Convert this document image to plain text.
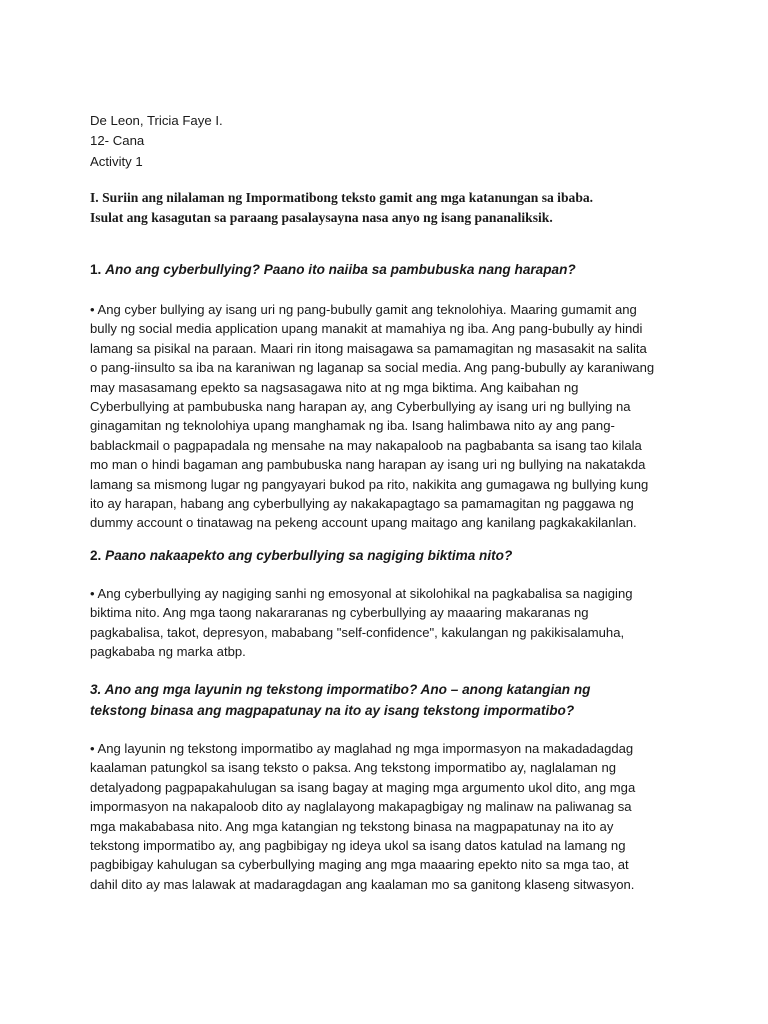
De Leon, Tricia Faye I.
12- Cana
Activity 1
I. Suriin ang nilalaman ng Impormatibong teksto gamit ang mga katanungan sa ibaba.
Isulat ang kasagutan sa paraang pasalaysayna nasa anyo ng isang pananaliksik.
1. Ano ang cyberbullying? Paano ito naiiba sa pambubuska nang harapan?
• Ang cyber bullying ay isang uri ng pang-bubully gamit ang teknolohiya. Maaring gumamit ang
bully ng social media application upang manakit at mamahiya ng iba. Ang pang-bubully ay hindi
lamang sa pisikal na paraan. Maari rin itong maisagawa sa pamamagitan ng masasakit na salita
o pang-iinsulto sa iba na karaniwan ng laganap sa social media. Ang pang-bubully ay karaniwang
may masasamang epekto sa nagsasagawa nito at ng mga biktima. Ang kaibahan ng
Cyberbullying at pambubuska nang harapan ay, ang Cyberbullying ay isang uri ng bullying na
ginagamitan ng teknolohiya upang manghamak ng iba. Isang halimbawa nito ay ang pang-
bablackmail o pagpapadala ng mensahe na may nakapaloob na pagbabanta sa isang tao kilala
mo man o hindi bagaman ang pambubuska nang harapan ay isang uri ng bullying na nakatakda
lamang sa mismong lugar ng pangyayari bukod pa rito, nakikita ang gumagawa ng bullying kung
ito ay harapan, habang ang cyberbullying ay nakakapagtago sa pamamagitan ng paggawa ng
dummy account o tinatawag na pekeng account upang maitago ang kanilang pagkakakilanlan.
2. Paano nakaapekto ang cyberbullying sa nagiging biktima nito?
• Ang cyberbullying ay nagiging sanhi ng emosyonal at sikolohikal na pagkabalisa sa nagiging
biktima nito. Ang mga taong nakararanas ng cyberbullying ay maaaring makaranas ng
pagkabalisa, takot, depresyon, mababang "self-confidence", kakulangan ng pakikisalamuha,
pagkababa ng marka atbp.
3. Ano ang mga layunin ng tekstong impormatibo? Ano – anong katangian ng
tekstong binasa ang magpapatunay na ito ay isang tekstong impormatibo?
• Ang layunin ng tekstong impormatibo ay maglahad ng mga impormasyon na makadadagdag
kaalaman patungkol sa isang teksto o paksa. Ang tekstong impormatibo ay, naglalaman ng
detalyadong pagpapakahulugan sa isang bagay at maging mga argumento ukol dito, ang mga
impormasyon na nakapaloob dito ay naglalayong makapagbigay ng malinaw na paliwanag sa
mga makababasa nito. Ang mga katangian ng tekstong binasa na magpapatunay na ito ay
tekstong impormatibo ay, ang pagbibigay ng ideya ukol sa isang datos katulad na lamang ng
pagbibigay kahulugan sa cyberbullying maging ang mga maaaring epekto nito sa mga tao, at
dahil dito ay mas lalawak at madaragdagan ang kaalaman mo sa ganitong klaseng sitwasyon.
